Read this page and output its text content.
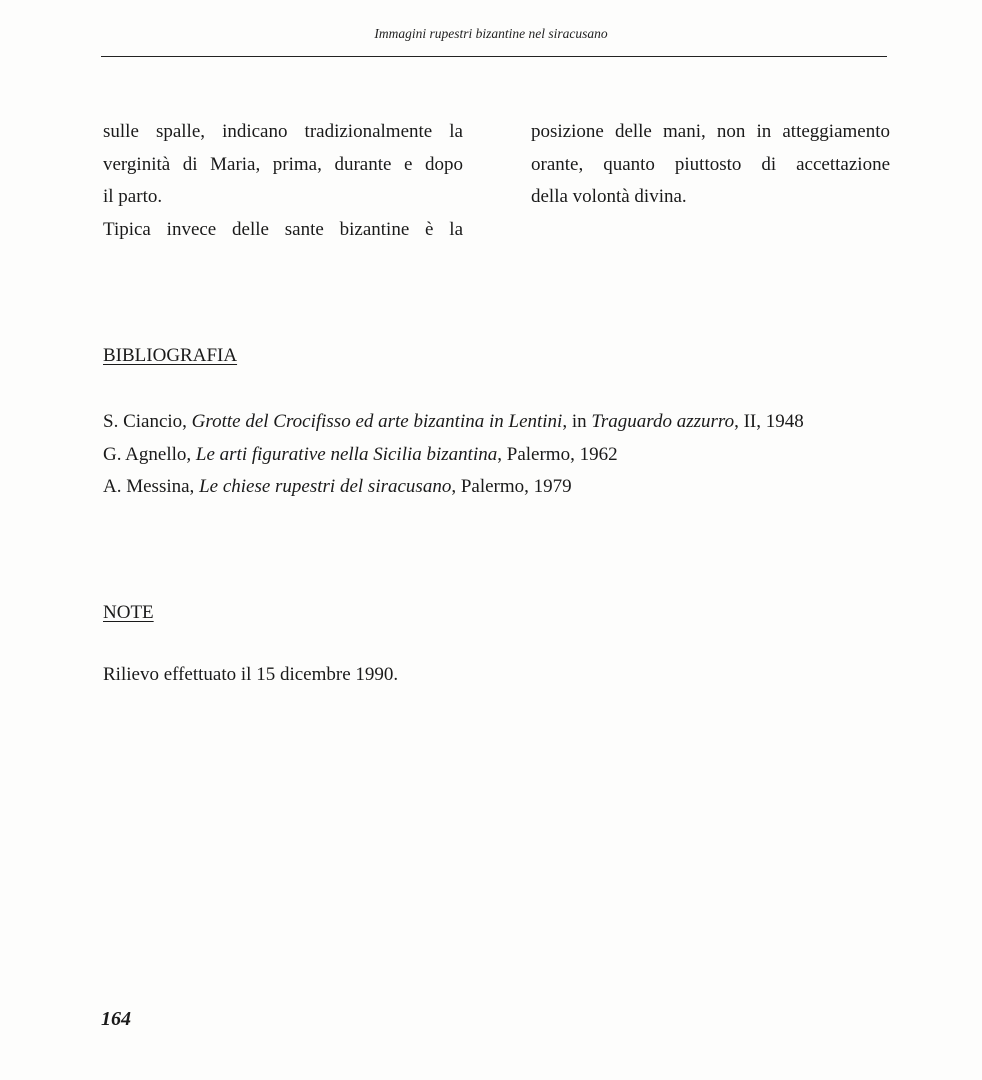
Immagini rupestri bizantine nel siracusano

sulle spalle, indicano tradizionalmente la

verginità di Maria, prima, durante e dopo

il parto.

Tipica invece delle sante bizantine è la

posizione delle mani, non in atteggiamento

orante, quanto piuttosto di accettazione

della volontà divina.

BIBLIOGRAFIA
S. Ciancio, Grotte del Crocifisso ed arte bizantina in Lentini, in Traguardo azzurro, II, 1948
G. Agnello, Le arti figurative nella Sicilia bizantina, Palermo, 1962
A. Messina, Le chiese rupestri del siracusano, Palermo, 1979
NOTE
Rilievo effettuato il 15 dicembre 1990.
164
